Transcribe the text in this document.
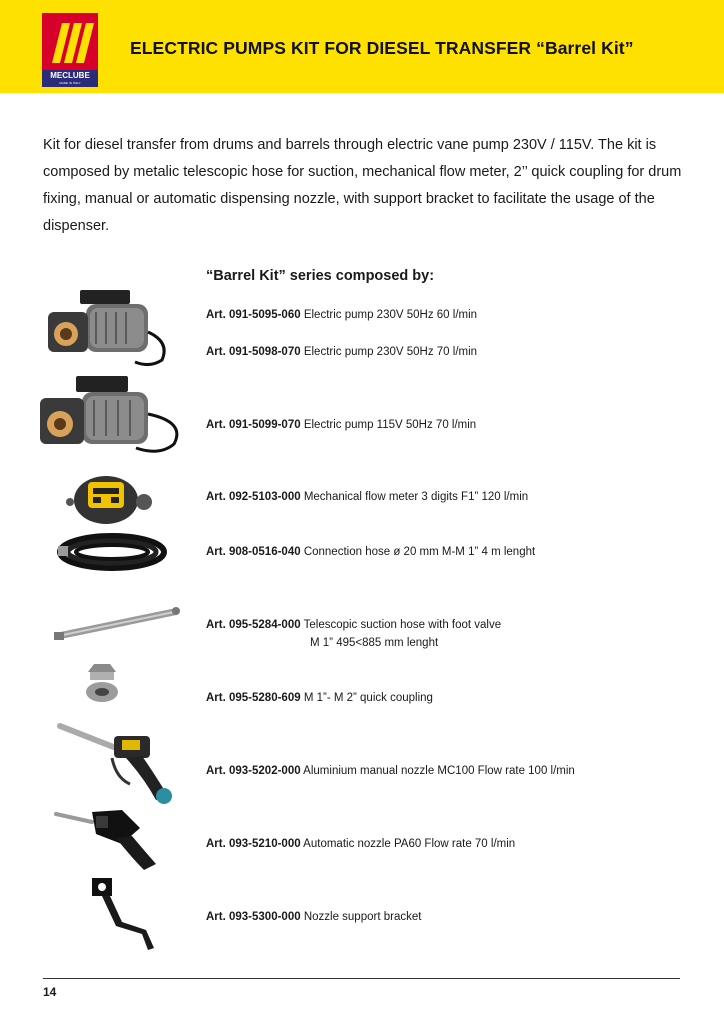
MECLUBE
MADE IN ITALY
ELECTRIC PUMPS KIT FOR DIESEL TRANSFER “Barrel Kit”
Kit for diesel transfer from drums and barrels through electric vane pump 230V / 115V. The kit is composed by metalic telescopic hose for suction, mechanical flow meter, 2’’ quick coupling for drum fixing, manual or automatic dispensing nozzle, with support bracket to facilitate the usage of the dispenser.
“Barrel Kit” series composed by:
Art. 091-5095-060 Electric pump 230V 50Hz 60 l/min
Art. 091-5098-070 Electric pump 230V 50Hz 70 l/min
Art. 091-5099-070 Electric pump 115V 50Hz 70 l/min
Art. 092-5103-000 Mechanical flow meter 3 digits F1” 120 l/min
Art. 908-0516-040 Connection hose ø 20 mm M-M 1” 4 m lenght
Art. 095-5284-000 Telescopic suction hose with foot valve
M 1” 495<885 mm lenght
Art. 095-5280-609 M 1”- M 2” quick coupling
Art. 093-5202-000 Aluminium manual nozzle MC100 Flow rate 100 l/min
Art. 093-5210-000 Automatic nozzle PA60 Flow rate 70 l/min
Art. 093-5300-000 Nozzle support bracket
14
